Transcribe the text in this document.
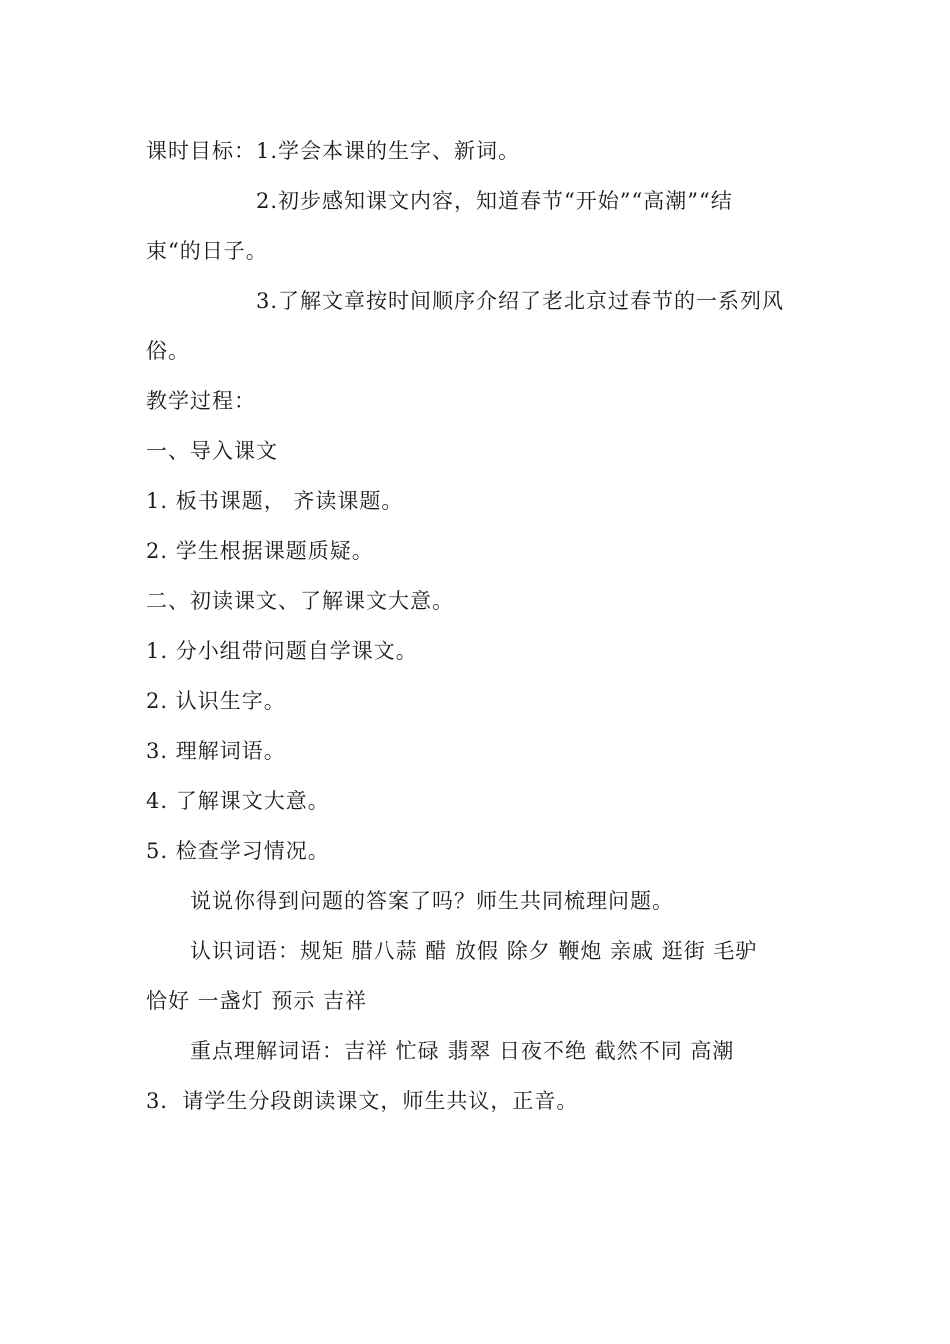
课时目标：1.学会本课的生字、新词。
2.初步感知课文内容，知道春节“开始”“高潮”“结
束“的日子。
3.了解文章按时间顺序介绍了老北京过春节的一系列风
俗。
教学过程：
一、导入课文
1. 板书课题， 齐读课题。
2. 学生根据课题质疑。
二、初读课文、了解课文大意。
1. 分小组带问题自学课文。
2. 认识生字。
3. 理解词语。
4. 了解课文大意。
5. 检查学习情况。
说说你得到问题的答案了吗？师生共同梳理问题。
认识词语：规矩 腊八蒜 醋 放假 除夕 鞭炮 亲戚 逛街 毛驴
恰好 一盏灯 预示 吉祥
重点理解词语：吉祥 忙碌 翡翠 日夜不绝 截然不同 高潮
3．请学生分段朗读课文，师生共议，正音。
